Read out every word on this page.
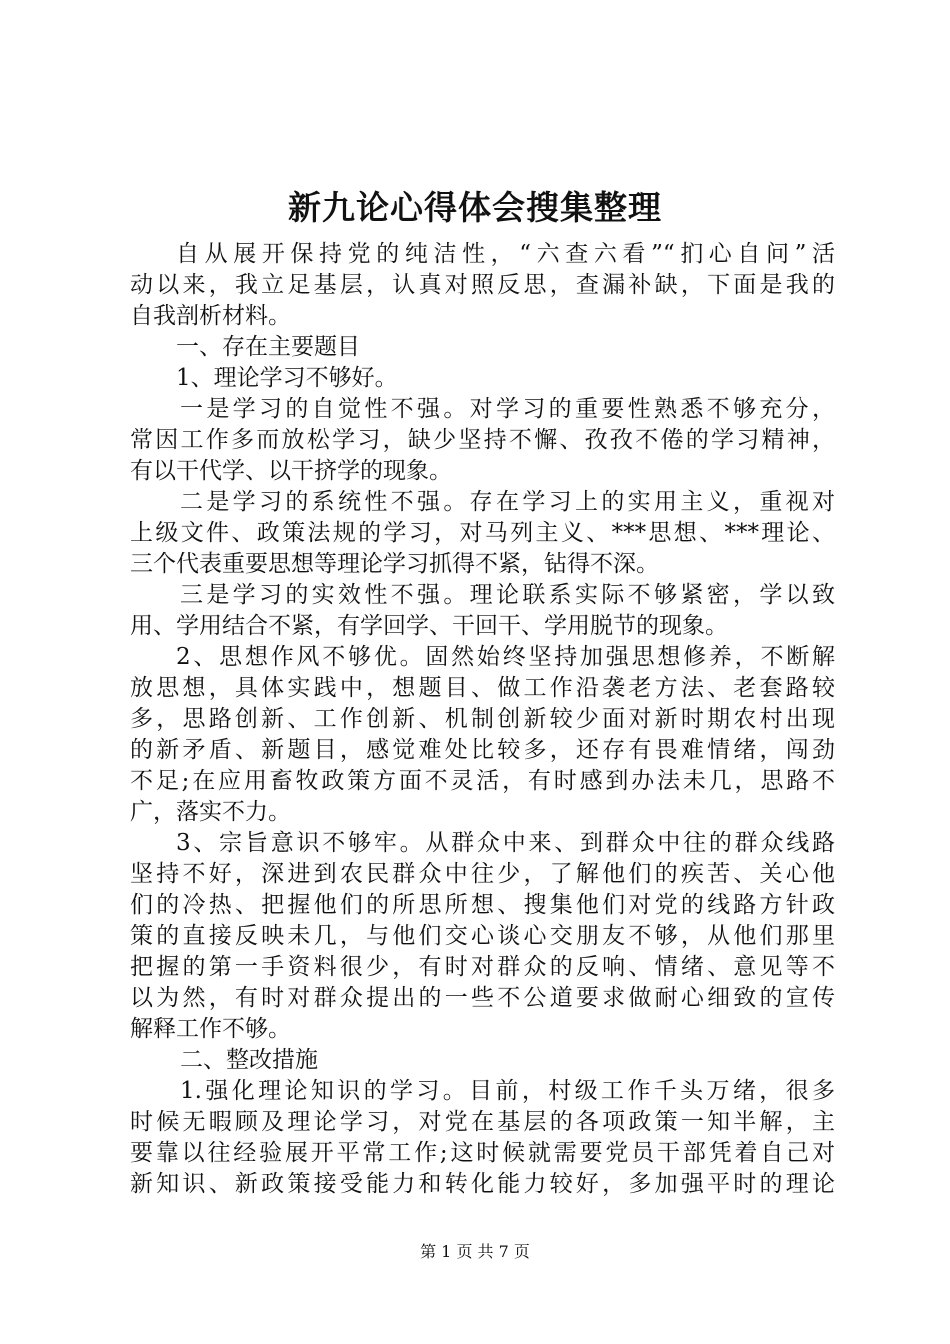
新九论心得体会搜集整理
自从展开保持党的纯洁性，“六查六看”“扪心自问”活
动以来，我立足基层，认真对照反思，查漏补缺，下面是我的
自我剖析材料。
一、存在主要题目
1、理论学习不够好。
一是学习的自觉性不强。对学习的重要性熟悉不够充分，
常因工作多而放松学习，缺少坚持不懈、孜孜不倦的学习精神，
有以干代学、以干挤学的现象。
二是学习的系统性不强。存在学习上的实用主义，重视对
上级文件、政策法规的学习，对马列主义、***思想、***理论、
三个代表重要思想等理论学习抓得不紧，钻得不深。
三是学习的实效性不强。理论联系实际不够紧密，学以致
用、学用结合不紧，有学回学、干回干、学用脱节的现象。
2、思想作风不够优。固然始终坚持加强思想修养，不断解
放思想，具体实践中，想题目、做工作沿袭老方法、老套路较
多，思路创新、工作创新、机制创新较少面对新时期农村出现
的新矛盾、新题目，感觉难处比较多，还存有畏难情绪，闯劲
不足;在应用畜牧政策方面不灵活，有时感到办法未几，思路不
广，落实不力。
3、宗旨意识不够牢。从群众中来、到群众中往的群众线路
坚持不好，深进到农民群众中往少，了解他们的疾苦、关心他
们的冷热、把握他们的所思所想、搜集他们对党的线路方针政
策的直接反映未几，与他们交心谈心交朋友不够，从他们那里
把握的第一手资料很少，有时对群众的反响、情绪、意见等不
以为然，有时对群众提出的一些不公道要求做耐心细致的宣传
解释工作不够。
二、整改措施
1.强化理论知识的学习。目前，村级工作千头万绪，很多
时候无暇顾及理论学习，对党在基层的各项政策一知半解，主
要靠以往经验展开平常工作;这时候就需要党员干部凭着自己对
新知识、新政策接受能力和转化能力较好，多加强平时的理论
第 1 页 共 7 页
